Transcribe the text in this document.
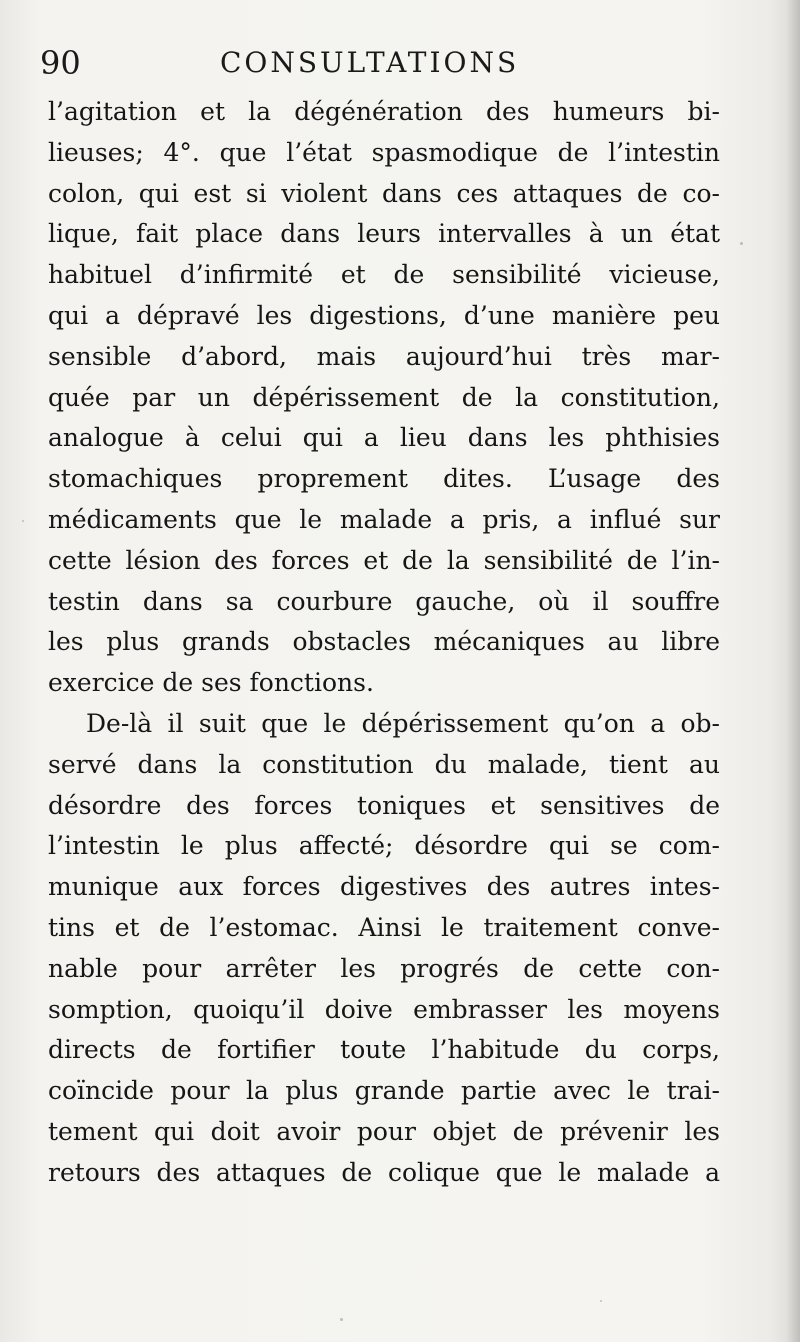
90	CONSULTATIONS
l’agitation et la dégénération des humeurs bi-
lieuses; 4°. que l’état spasmodique de l’intestin
colon, qui est si violent dans ces attaques de co-
lique, fait place dans leurs intervalles à un état
habituel d’infirmité et de sensibilité vicieuse,
qui a dépravé les digestions, d’une manière peu
sensible d’abord, mais aujourd’hui très mar-
quée par un dépérissement de la constitution,
analogue à celui qui a lieu dans les phthisies
stomachiques proprement dites. L’usage des
médicaments que le malade a pris, a influé sur
cette lésion des forces et de la sensibilité de l’in-
testin dans sa courbure gauche, où il souffre
les plus grands obstacles mécaniques au libre
exercice de ses fonctions.
De-là il suit que le dépérissement qu’on a ob-
servé dans la constitution du malade, tient au
désordre des forces toniques et sensitives de
l’intestin le plus affecté; désordre qui se com-
munique aux forces digestives des autres intes-
tins et de l’estomac. Ainsi le traitement conve-
nable pour arrêter les progrés de cette con-
somption, quoiqu’il doive embrasser les moyens
directs de fortifier toute l’habitude du corps,
coïncide pour la plus grande partie avec le trai-
tement qui doit avoir pour objet de prévenir les
retours des attaques de colique que le malade a
